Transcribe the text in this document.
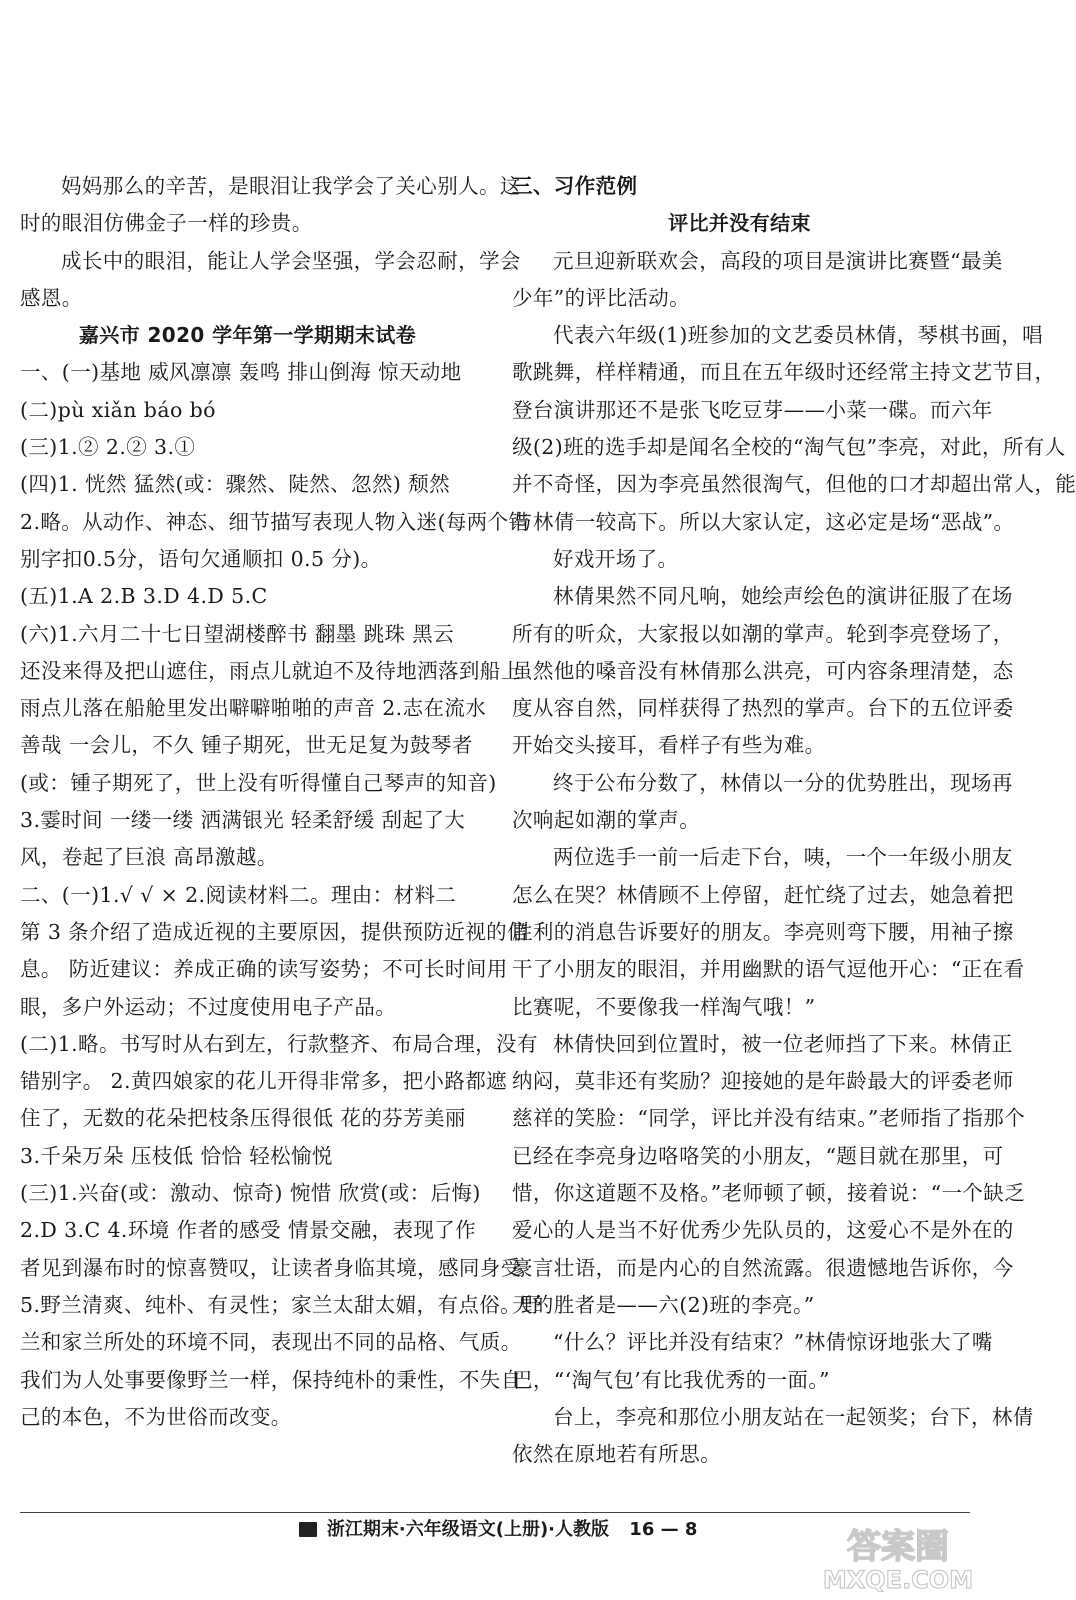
妈妈那么的辛苦，是眼泪让我学会了关心别人。这

时的眼泪仿佛金子一样的珍贵。

成长中的眼泪，能让人学会坚强，学会忍耐，学会

感恩。

嘉兴市 2020 学年第一学期期末试卷

一、(一)基地 威风凛凛 轰鸣 排山倒海 惊天动地

(二)pù xiǎn báo bó

(三)1.② 2.② 3.①

(四)1. 恍然 猛然(或：骤然、陡然、忽然) 颓然

2.略。从动作、神态、细节描写表现人物入迷(每两个错

别字扣0.5分，语句欠通顺扣 0.5 分)。

(五)1.A 2.B 3.D 4.D 5.C

(六)1.六月二十七日望湖楼醉书 翻墨 跳珠 黑云

还没来得及把山遮住，雨点儿就迫不及待地洒落到船上

雨点儿落在船舱里发出噼噼啪啪的声音 2.志在流水

善哉 一会儿，不久 锺子期死，世无足复为鼓琴者

(或：锺子期死了，世上没有听得懂自己琴声的知音)

3.霎时间 一缕一缕 洒满银光 轻柔舒缓 刮起了大

风，卷起了巨浪 高昂激越。

二、(一)1.√ √ × 2.阅读材料二。理由：材料二

第 3 条介绍了造成近视的主要原因，提供预防近视的信

息。 防近建议：养成正确的读写姿势；不可长时间用

眼，多户外运动；不过度使用电子产品。

(二)1.略。书写时从右到左，行款整齐、布局合理，没有

错别字。 2.黄四娘家的花儿开得非常多，把小路都遮

住了，无数的花朵把枝条压得很低 花的芬芳美丽

3.千朵万朵 压枝低 恰恰 轻松愉悦

(三)1.兴奋(或：激动、惊奇) 惋惜 欣赏(或：后悔)

2.D 3.C 4.环境 作者的感受 情景交融，表现了作

者见到瀑布时的惊喜赞叹，让读者身临其境，感同身受

5.野兰清爽、纯朴、有灵性；家兰太甜太媚，有点俗。野

兰和家兰所处的环境不同，表现出不同的品格、气质。

我们为人处事要像野兰一样，保持纯朴的秉性，不失自

己的本色，不为世俗而改变。

三、习作范例

评比并没有结束

元旦迎新联欢会，高段的项目是演讲比赛暨“最美

少年”的评比活动。

代表六年级(1)班参加的文艺委员林倩，琴棋书画，唱

歌跳舞，样样精通，而且在五年级时还经常主持文艺节目，

登台演讲那还不是张飞吃豆芽——小菜一碟。而六年

级(2)班的选手却是闻名全校的“淘气包”李亮，对此，所有人

并不奇怪，因为李亮虽然很淘气，但他的口才却超出常人，能

与林倩一较高下。所以大家认定，这必定是场“恶战”。

好戏开场了。

林倩果然不同凡响，她绘声绘色的演讲征服了在场

所有的听众，大家报以如潮的掌声。轮到李亮登场了，

虽然他的嗓音没有林倩那么洪亮，可内容条理清楚，态

度从容自然，同样获得了热烈的掌声。台下的五位评委

开始交头接耳，看样子有些为难。

终于公布分数了，林倩以一分的优势胜出，现场再

次响起如潮的掌声。

两位选手一前一后走下台，咦，一个一年级小朋友

怎么在哭？林倩顾不上停留，赶忙绕了过去，她急着把

胜利的消息告诉要好的朋友。李亮则弯下腰，用袖子擦

干了小朋友的眼泪，并用幽默的语气逗他开心：“正在看

比赛呢，不要像我一样淘气哦！”

林倩快回到位置时，被一位老师挡了下来。林倩正

纳闷，莫非还有奖励？迎接她的是年龄最大的评委老师

慈祥的笑脸：“同学，评比并没有结束。”老师指了指那个

已经在李亮身边咯咯笑的小朋友，“题目就在那里，可

惜，你这道题不及格。”老师顿了顿，接着说：“一个缺乏

爱心的人是当不好优秀少先队员的，这爱心不是外在的

豪言壮语，而是内心的自然流露。很遗憾地告诉你，今

天的胜者是——六(2)班的李亮。”

“什么？评比并没有结束？”林倩惊讶地张大了嘴

巴，“‘淘气包’有比我优秀的一面。”

台上，李亮和那位小朋友站在一起领奖；台下，林倩

依然在原地若有所思。

浙江期末·六年级语文(上册)·人教版 16 — 8	答案圈
MXQE.COM
